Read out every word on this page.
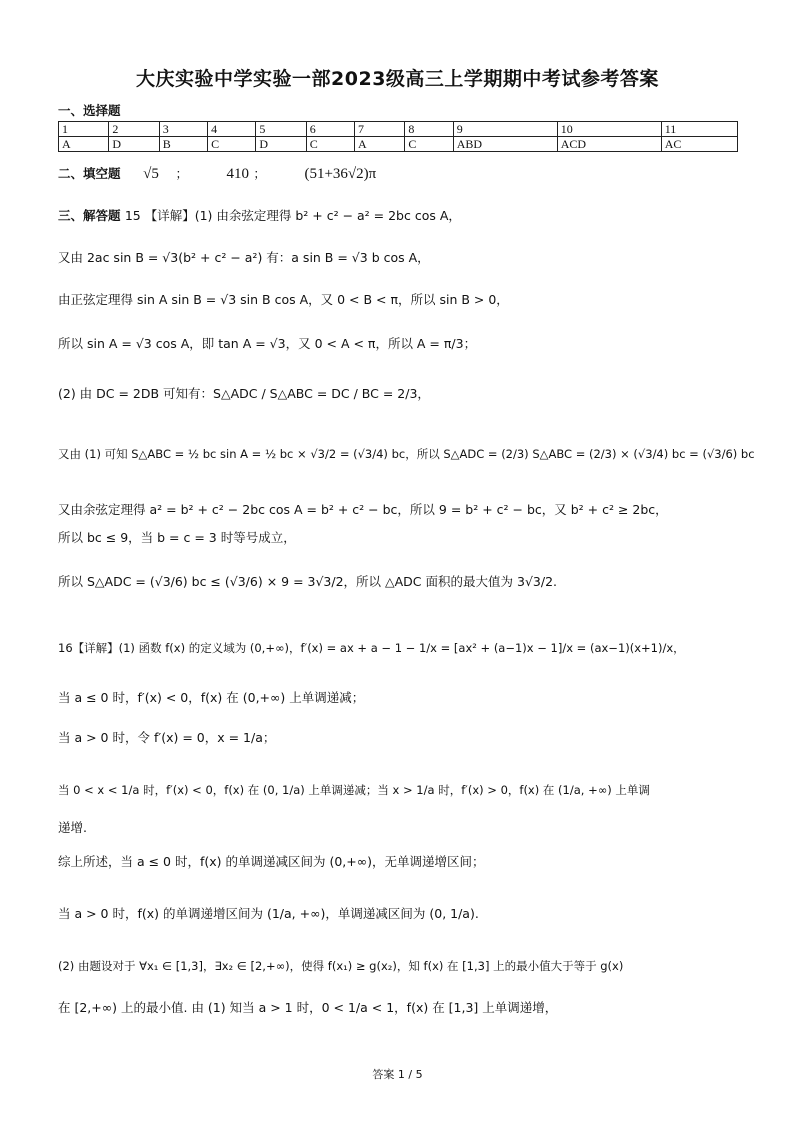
大庆实验中学实验一部2023级高三上学期期中考试参考答案
一、选择题
1	2	3	4	5	6	7	8	9	10	11
A	D	B	C	D	C	A	C	ABD	ACD	AC
二、填空题 √5 ；	410 ；	(51+36√2)π
三、解答题 15 【详解】(1) 由余弦定理得 b² + c² − a² = 2bc cos A，
又由 2ac sin B = √3(b² + c² − a²) 有：a sin B = √3 b cos A，
由正弦定理得 sin A sin B = √3 sin B cos A，又 0 < B < π，所以 sin B > 0，
所以 sin A = √3 cos A，即 tan A = √3，又 0 < A < π，所以 A = π/3；
(2) 由 DC = 2DB 可知有：S△ADC / S△ABC = DC / BC = 2/3，
又由 (1) 可知 S△ABC = ½ bc sin A = ½ bc × √3/2 = (√3/4) bc，所以 S△ADC = (2/3) S△ABC = (2/3) × (√3/4) bc = (√3/6) bc
又由余弦定理得 a² = b² + c² − 2bc cos A = b² + c² − bc，所以 9 = b² + c² − bc，又 b² + c² ≥ 2bc，
所以 bc ≤ 9，当 b = c = 3 时等号成立，
所以 S△ADC = (√3/6) bc ≤ (√3/6) × 9 = 3√3/2，所以 △ADC 面积的最大值为 3√3/2.
16【详解】(1) 函数 f(x) 的定义域为 (0,+∞)，f′(x) = ax + a − 1 − 1/x = [ax² + (a−1)x − 1]/x = (ax−1)(x+1)/x，
当 a ≤ 0 时，f′(x) < 0，f(x) 在 (0,+∞) 上单调递减；
当 a > 0 时，令 f′(x) = 0，x = 1/a；
当 0 < x < 1/a 时，f′(x) < 0，f(x) 在 (0, 1/a) 上单调递减；当 x > 1/a 时，f′(x) > 0，f(x) 在 (1/a, +∞) 上单调
递增.
综上所述，当 a ≤ 0 时，f(x) 的单调递减区间为 (0,+∞)，无单调递增区间；
当 a > 0 时，f(x) 的单调递增区间为 (1/a, +∞)，单调递减区间为 (0, 1/a).
(2) 由题设对于 ∀x₁ ∈ [1,3]，∃x₂ ∈ [2,+∞)，使得 f(x₁) ≥ g(x₂)，知 f(x) 在 [1,3] 上的最小值大于等于 g(x)
在 [2,+∞) 上的最小值. 由 (1) 知当 a > 1 时，0 < 1/a < 1，f(x) 在 [1,3] 上单调递增，
答案 1 / 5
